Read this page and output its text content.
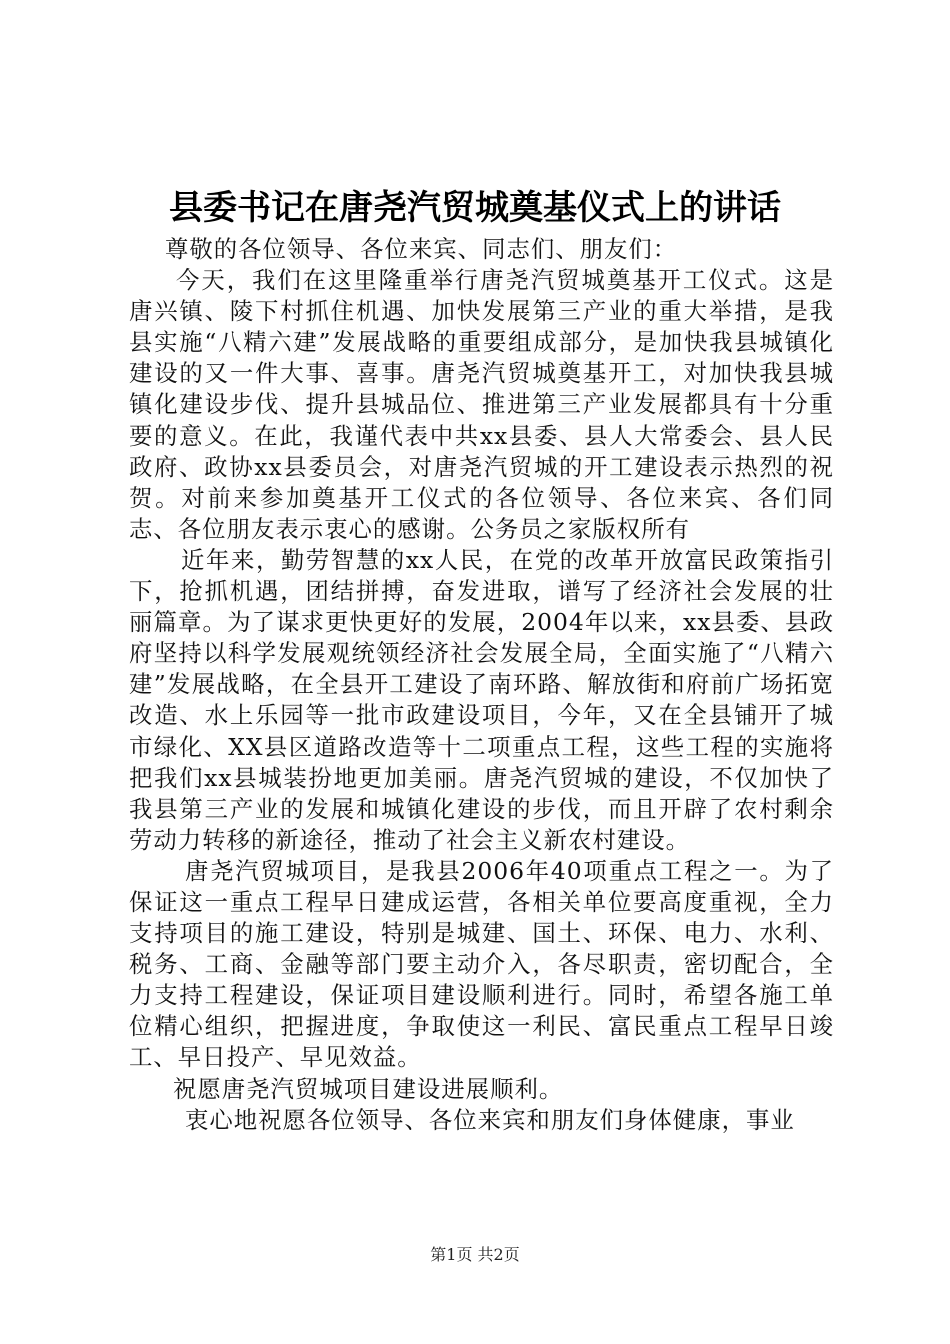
县委书记在唐尧汽贸城奠基仪式上的讲话

尊敬的各位领导、各位来宾、同志们、朋友们：

今天，我们在这里隆重举行唐尧汽贸城奠基开工仪式。这是唐兴镇、陵下村抓住机遇、加快发展第三产业的重大举措，是我县实施“八精六建”发展战略的重要组成部分，是加快我县城镇化建设的又一件大事、喜事。唐尧汽贸城奠基开工，对加快我县城镇化建设步伐、提升县城品位、推进第三产业发展都具有十分重要的意义。在此，我谨代表中共xx县委、县人大常委会、县人民政府、政协xx县委员会，对唐尧汽贸城的开工建设表示热烈的祝贺。对前来参加奠基开工仪式的各位领导、各位来宾、各们同志、各位朋友表示衷心的感谢。公务员之家版权所有

近年来，勤劳智慧的xx人民，在党的改革开放富民政策指引下，抢抓机遇，团结拼搏，奋发进取，谱写了经济社会发展的壮丽篇章。为了谋求更快更好的发展，2004年以来，xx县委、县政府坚持以科学发展观统领经济社会发展全局，全面实施了“八精六建”发展战略，在全县开工建设了南环路、解放街和府前广场拓宽改造、水上乐园等一批市政建设项目，今年，又在全县铺开了城市绿化、XX县区道路改造等十二项重点工程，这些工程的实施将把我们xx县城装扮地更加美丽。唐尧汽贸城的建设，不仅加快了我县第三产业的发展和城镇化建设的步伐，而且开辟了农村剩余劳动力转移的新途径，推动了社会主义新农村建设。

唐尧汽贸城项目，是我县2006年40项重点工程之一。为了保证这一重点工程早日建成运营，各相关单位要高度重视，全力支持项目的施工建设，特别是城建、国土、环保、电力、水利、税务、工商、金融等部门要主动介入，各尽职责，密切配合，全力支持工程建设，保证项目建设顺利进行。同时，希望各施工单位精心组织，把握进度，争取使这一利民、富民重点工程早日竣工、早日投产、早见效益。

祝愿唐尧汽贸城项目建设进展顺利。

衷心地祝愿各位领导、各位来宾和朋友们身体健康，事业

第1页 共2页
